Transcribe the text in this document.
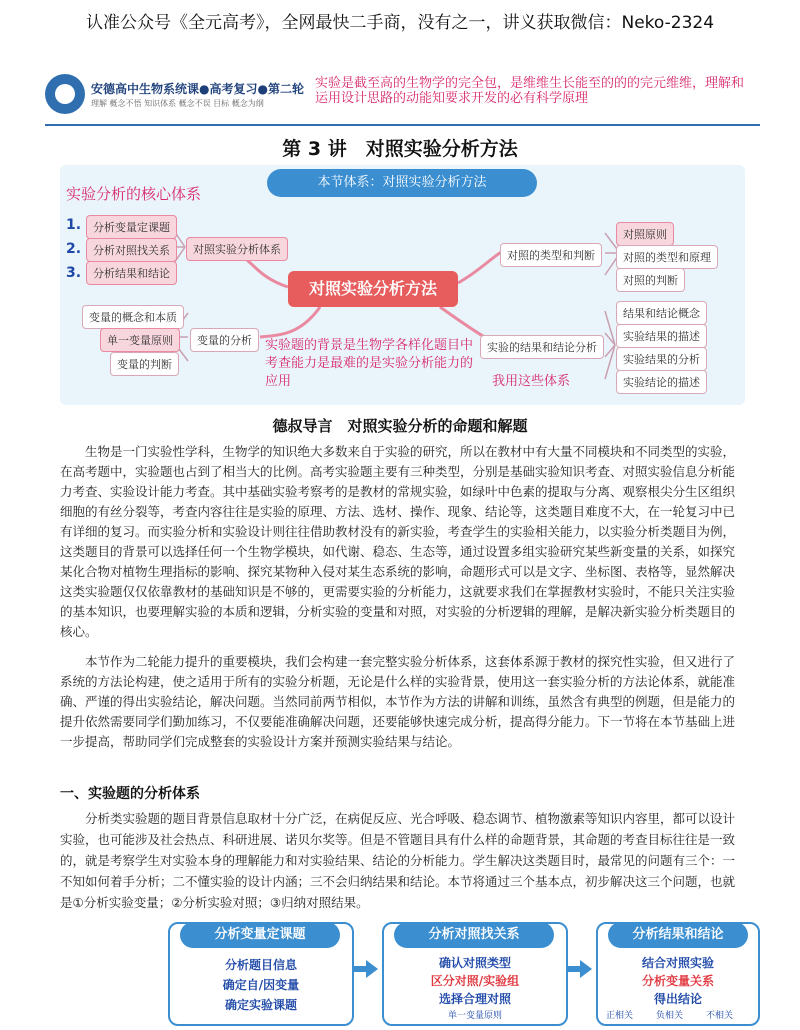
认准公众号《全元高考》，全网最快二手商，没有之一，讲义获取微信：Neko-2324
安德高中生物系统课●高考复习●第二轮
理解 概念不悟 知识体系 概念不误 目标 概念为纲
实验是截至高的生物学的完全包，是维维生长能至的的的完元维维，理解和运用设计思路的动能知要求开发的必有科学原理
第 3 讲　对照实验分析方法
本节体系：对照实验分析方法
实验分析的核心体系
1.
2.
3.
分析变量定课题
分析对照找关系
分析结果和结论
对照实验分析体系
对照实验分析方法
变量的概念和本质
单一变量原则
变量的判断
变量的分析
对照的类型和判断
对照原则
对照的类型和原理
对照的判断
实验的结果和结论分析
结果和结论概念
实验结果的描述
实验结果的分析
实验结论的描述
实验题的背景是生物学各样化题目中考查能力是最难的是实验分析能力的应用	我用这些体系
德叔导言　对照实验分析的命题和解题
生物是一门实验性学科，生物学的知识绝大多数来自于实验的研究，所以在教材中有大量不同模块和不同类型的实验，在高考题中，实验题也占到了相当大的比例。高考实验题主要有三种类型，分别是基础实验知识考查、对照实验信息分析能力考查、实验设计能力考查。其中基础实验考察考的是教材的常规实验，如绿叶中色素的提取与分离、观察根尖分生区组织细胞的有丝分裂等，考查内容往往是实验的原理、方法、选材、操作、现象、结论等，这类题目难度不大，在一轮复习中已有详细的复习。而实验分析和实验设计则往往借助教材没有的新实验，考查学生的实验相关能力，以实验分析类题目为例，这类题目的背景可以选择任何一个生物学模块，如代谢、稳态、生态等，通过设置多组实验研究某些新变量的关系，如探究某化合物对植物生理指标的影响、探究某物种入侵对某生态系统的影响，命题形式可以是文字、坐标图、表格等，显然解决这类实验题仅仅依靠教材的基础知识是不够的，更需要实验的分析能力，这就要求我们在掌握教材实验时，不能只关注实验的基本知识，也要理解实验的本质和逻辑，分析实验的变量和对照，对实验的分析逻辑的理解，是解决新实验分析类题目的核心。
本节作为二轮能力提升的重要模块，我们会构建一套完整实验分析体系，这套体系源于教材的探究性实验，但又进行了系统的方法论构建，使之适用于所有的实验分析题，无论是什么样的实验背景，使用这一套实验分析的方法论体系，就能准确、严谨的得出实验结论，解决问题。当然同前两节相似，本节作为方法的讲解和训练，虽然含有典型的例题，但是能力的提升依然需要同学们勤加练习，不仅要能准确解决问题，还要能够快速完成分析，提高得分能力。下一节将在本节基础上进一步提高，帮助同学们完成整套的实验设计方案并预测实验结果与结论。
一、实验题的分析体系
分析类实验题的题目背景信息取材十分广泛，在病促反应、光合呼吸、稳态调节、植物激素等知识内容里，都可以设计实验，也可能涉及社会热点、科研进展、诺贝尔奖等。但是不管题目具有什么样的命题背景，其命题的考查目标往往是一致的，就是考察学生对实验本身的理解能力和对实验结果、结论的分析能力。学生解决这类题目时，最常见的问题有三个：一不知如何着手分析；二不懂实验的设计内涵；三不会归纳结果和结论。本节将通过三个基本点，初步解决这三个问题，也就是①分析实验变量；②分析实验对照；③归纳对照结果。
分析变量定课题
分析题目信息
确定自/因变量
确定实验课题
分析对照找关系
确认对照类型
区分对照/实验组
选择合理对照
单一变量原则
分析结果和结论
结合对照实验
分析变量关系
得出结论
正相关	负相关	不相关
